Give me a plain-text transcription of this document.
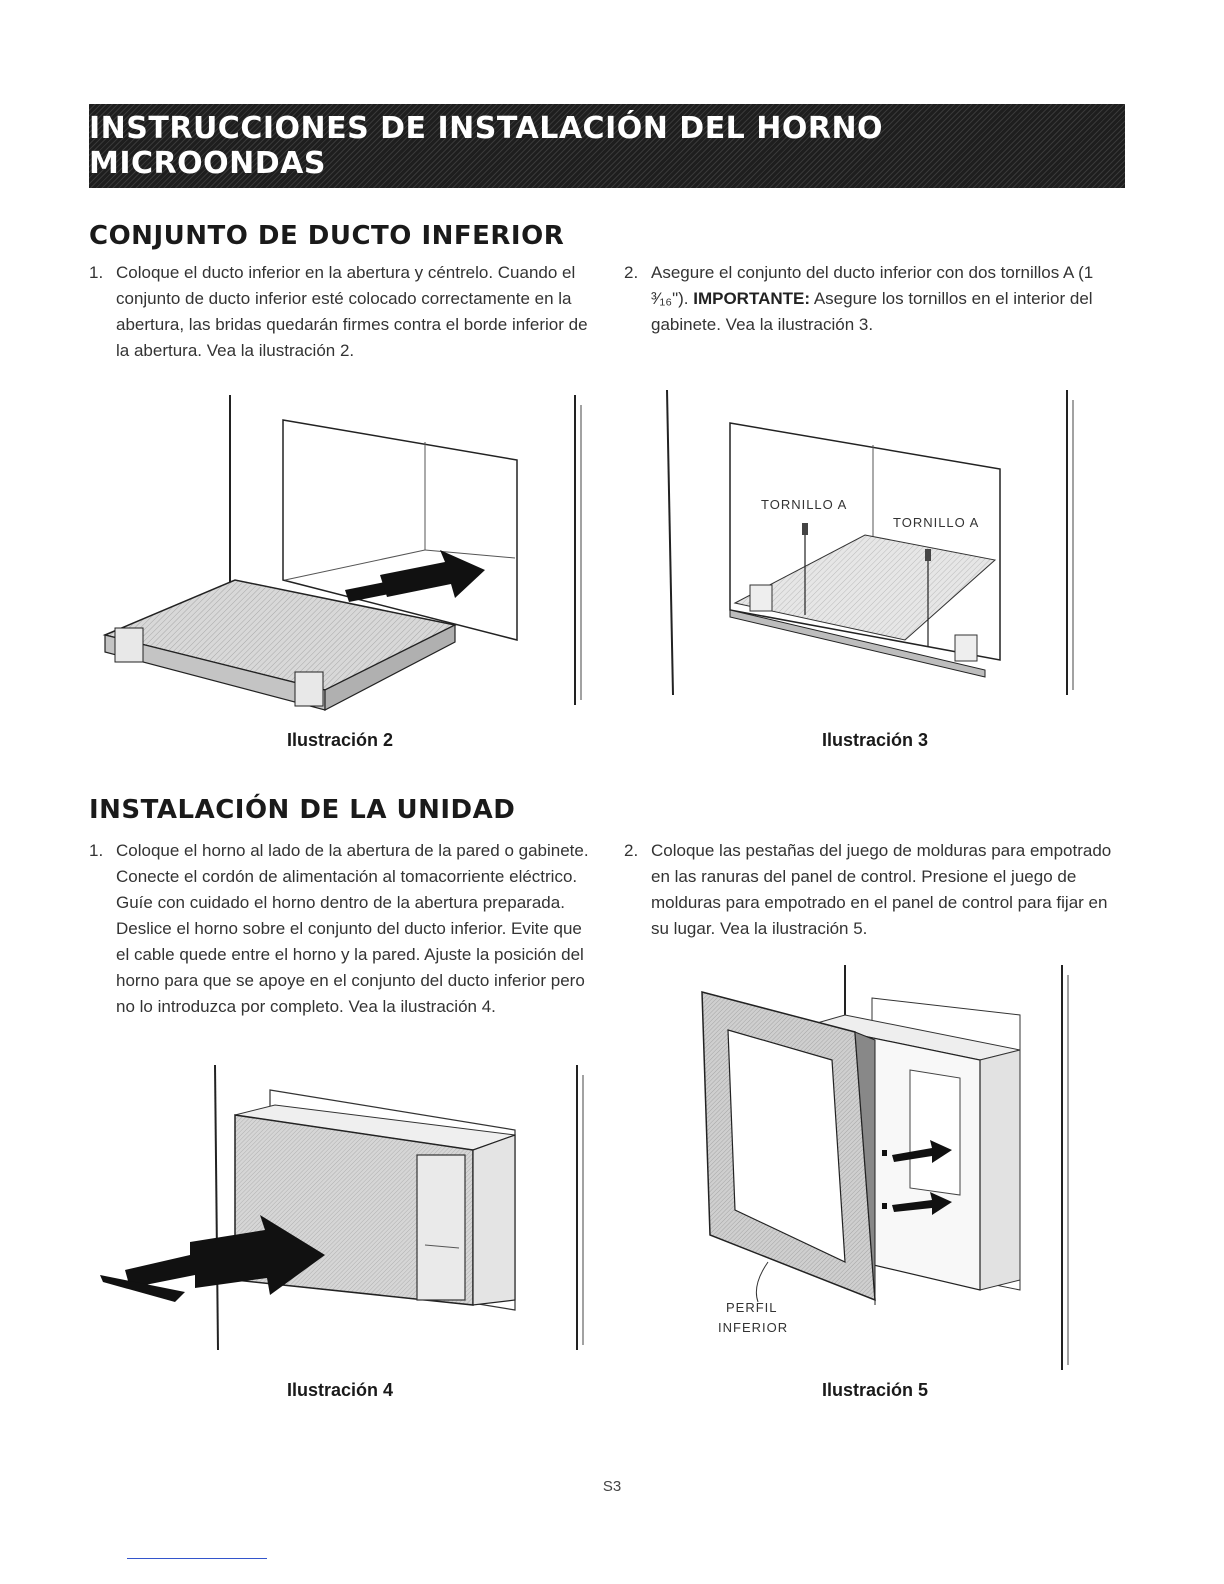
INSTRUCCIONES DE INSTALACIÓN DEL HORNO MICROONDAS
CONJUNTO DE DUCTO INFERIOR
1. Coloque el ducto inferior en la abertura y céntrelo. Cuando el conjunto de ducto inferior esté colocado correctamente en la abertura, las bridas quedarán firmes contra el borde inferior de la abertura. Vea la ilustración 2.
2. Asegure el conjunto del ducto inferior con dos tornillos A (1 ³⁄₁₆"). IMPORTANTE: Asegure los tornillos en el interior del gabinete. Vea la ilustración 3.
Ilustración 2
TORNILLO A
TORNILLO A
Ilustración 3
INSTALACIÓN DE LA UNIDAD
1. Coloque el horno al lado de la abertura de la pared o gabinete. Conecte el cordón de alimentación al tomacorriente eléctrico. Guíe con cuidado el horno dentro de la abertura preparada. Deslice el horno sobre el conjunto del ducto inferior. Evite que el cable quede entre el horno y la pared. Ajuste la posición del horno para que se apoye en el conjunto del ducto inferior pero no lo introduzca por completo. Vea la ilustración 4.
2. Coloque las pestañas del juego de molduras para empotrado en las ranuras del panel de control. Presione el juego de molduras para empotrado en el panel de control para fijar en su lugar. Vea la ilustración 5.
Ilustración 4
PERFIL
INFERIOR
Ilustración 5
S3
